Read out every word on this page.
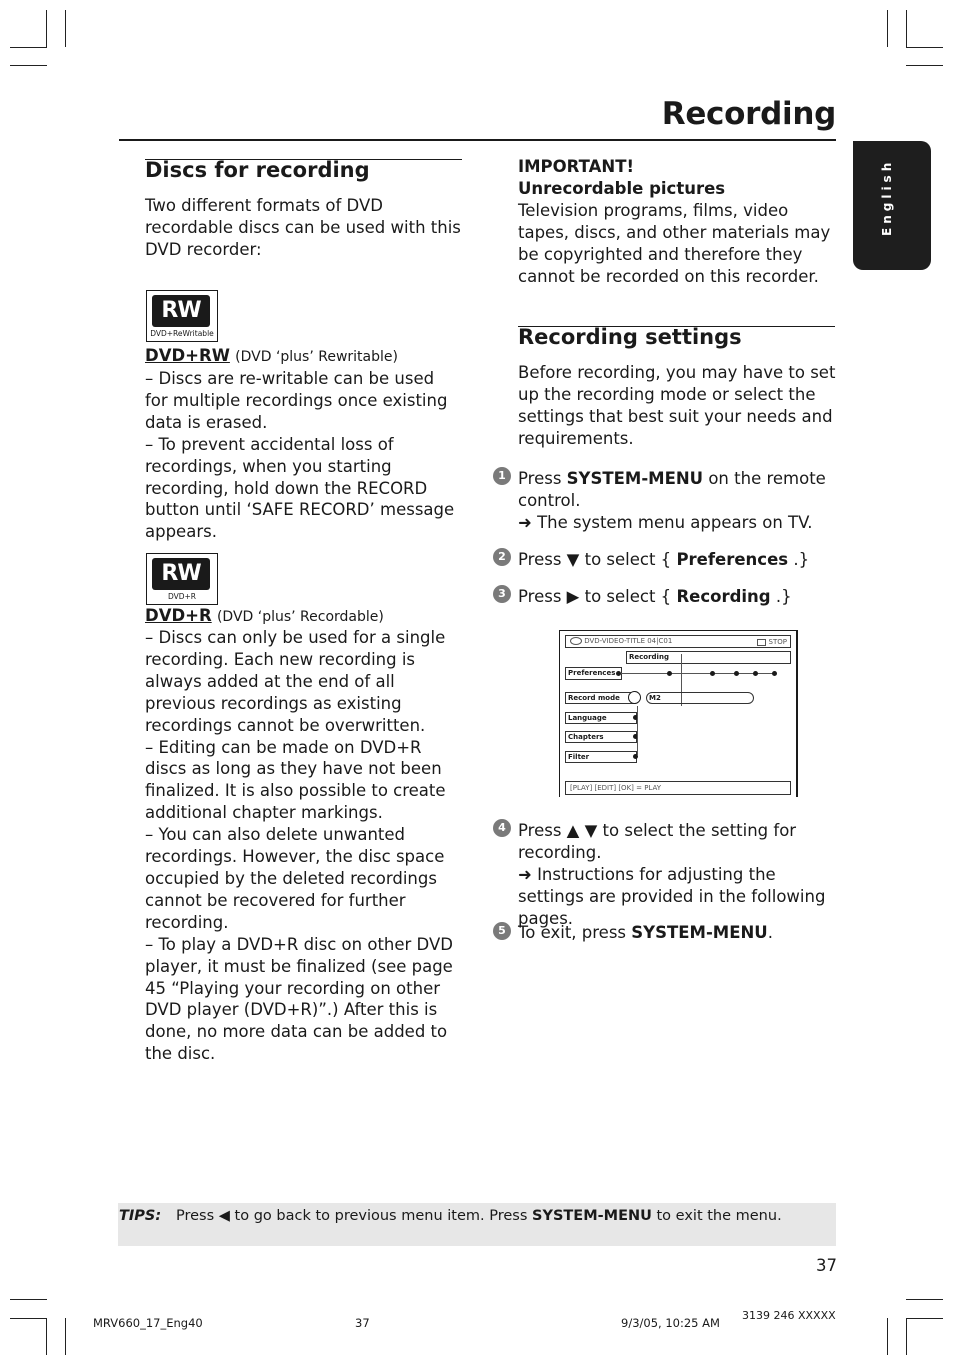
Recording
English
Discs for recording
Two different formats of DVD recordable discs can be used with this DVD recorder:
RW
DVD+ReWritable
DVD+RW (DVD ‘plus’ Rewritable)

– Discs are re-writable can be used for multiple recordings once existing data is erased.

– To prevent accidental loss of recordings, when you starting recording, hold down the RECORD button until ‘SAFE RECORD’ message appears.

RW
DVD+R
DVD+R (DVD ‘plus’ Recordable)

– Discs can only be used for a single recording. Each new recording is always added at the end of all previous recordings as existing recordings cannot be overwritten.

– Editing can be made on DVD+R discs as long as they have not been finalized. It is also possible to create additional chapter markings.

– You can also delete unwanted recordings. However, the disc space occupied by the deleted recordings cannot be recovered for further recording.

– To play a DVD+R disc on other DVD player, it must be finalized (see page 45 “Playing your recording on other DVD player (DVD+R)”.) After this is done, no more data can be added to the disc.

IMPORTANT!

Unrecordable pictures

Television programs, films, video tapes, discs, and other materials may be copyrighted and therefore they cannot be recorded on this recorder.

Recording settings
Before recording, you may have to set up the recording mode or select the settings that best suit your needs and requirements.
1 Press SYSTEM-MENU on the remote control.

➜ The system menu appears on TV.

2 Press ▼ to select { Preferences .}

3 Press ▶ to select { Recording .}

DVD-VIDEO-TITLE 04|C01	STOP
Recording
Preferences
Record mode	M2
Language
Chapters
Filter
[PLAY] [EDIT] [OK] = PLAY
4 Press ▲ ▼ to select the setting for recording.

➜ Instructions for adjusting the settings are provided in the following pages.

5 To exit, press SYSTEM-MENU.

TIPS: Press ◀ to go back to previous menu item. Press SYSTEM-MENU to exit the menu.
37
MRV660_17_Eng40	37	9/3/05, 10:25 AM
3139 246 XXXXX
